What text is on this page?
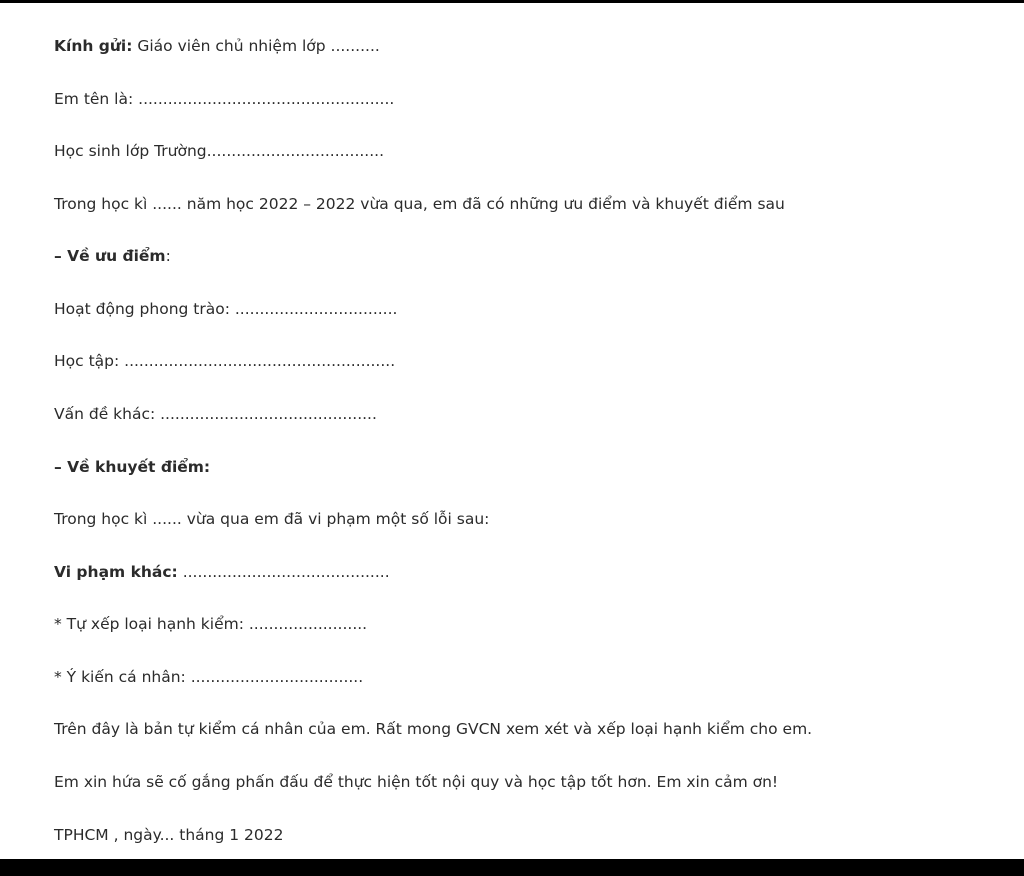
Kính gửi: Giáo viên chủ nhiệm lớp ..........
Em tên là: ....................................................
Học sinh lớp Trường....................................
Trong học kì ...... năm học 2022 – 2022 vừa qua, em đã có những ưu điểm và khuyết điểm sau
– Về ưu điểm:
Hoạt động phong trào: .................................
Học tập: .......................................................
Vấn đề khác: ............................................
– Về khuyết điểm:
Trong học kì ...... vừa qua em đã vi phạm một số lỗi sau:
Vi phạm khác: ..........................................
* Tự xếp loại hạnh kiểm: ........................
* Ý kiến cá nhân: ...................................
Trên đây là bản tự kiểm cá nhân của em. Rất mong GVCN xem xét và xếp loại hạnh kiểm cho em.
Em xin hứa sẽ cố gắng phấn đấu để thực hiện tốt nội quy và học tập tốt hơn. Em xin cảm ơn!
TPHCM , ngày... tháng 1 2022
